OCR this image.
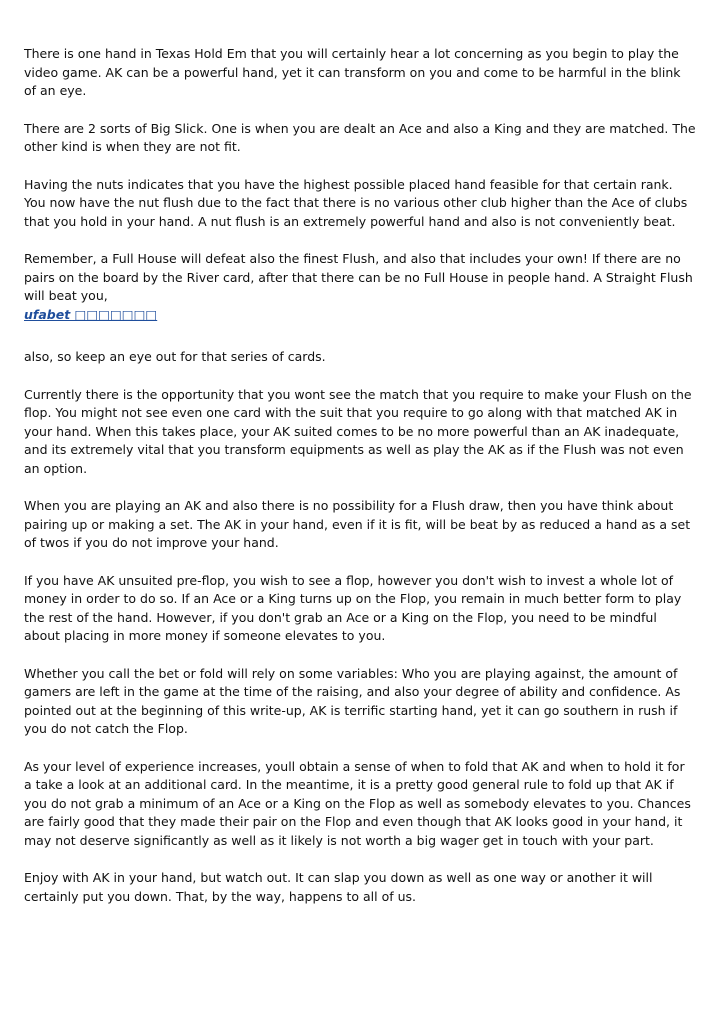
There is one hand in Texas Hold Em that you will certainly hear a lot concerning as you begin to play the video game. AK can be a powerful hand, yet it can transform on you and come to be harmful in the blink of an eye.

There are 2 sorts of Big Slick. One is when you are dealt an Ace and also a King and they are matched. The other kind is when they are not fit.

Having the nuts indicates that you have the highest possible placed hand feasible for that certain rank. You now have the nut flush due to the fact that there is no various other club higher than the Ace of clubs that you hold in your hand. A nut flush is an extremely powerful hand and also is not conveniently beat.

Remember, a Full House will defeat also the finest Flush, and also that includes your own! If there are no pairs on the board by the River card, after that there can be no Full House in people hand. A Straight Flush will beat you,
ufabet □□□□□□□

also, so keep an eye out for that series of cards.

Currently there is the opportunity that you wont see the match that you require to make your Flush on the flop. You might not see even one card with the suit that you require to go along with that matched AK in your hand. When this takes place, your AK suited comes to be no more powerful than an AK inadequate, and its extremely vital that you transform equipments as well as play the AK as if the Flush was not even an option.

When you are playing an AK and also there is no possibility for a Flush draw, then you have think about pairing up or making a set. The AK in your hand, even if it is fit, will be beat by as reduced a hand as a set of twos if you do not improve your hand.

If you have AK unsuited pre-flop, you wish to see a flop, however you don't wish to invest a whole lot of money in order to do so. If an Ace or a King turns up on the Flop, you remain in much better form to play the rest of the hand. However, if you don't grab an Ace or a King on the Flop, you need to be mindful about placing in more money if someone elevates to you.

Whether you call the bet or fold will rely on some variables: Who you are playing against, the amount of gamers are left in the game at the time of the raising, and also your degree of ability and confidence. As pointed out at the beginning of this write-up, AK is terrific starting hand, yet it can go southern in rush if you do not catch the Flop.

As your level of experience increases, youll obtain a sense of when to fold that AK and when to hold it for a take a look at an additional card. In the meantime, it is a pretty good general rule to fold up that AK if you do not grab a minimum of an Ace or a King on the Flop as well as somebody elevates to you. Chances are fairly good that they made their pair on the Flop and even though that AK looks good in your hand, it may not deserve significantly as well as it likely is not worth a big wager get in touch with your part.

Enjoy with AK in your hand, but watch out. It can slap you down as well as one way or another it will certainly put you down. That, by the way, happens to all of us.
